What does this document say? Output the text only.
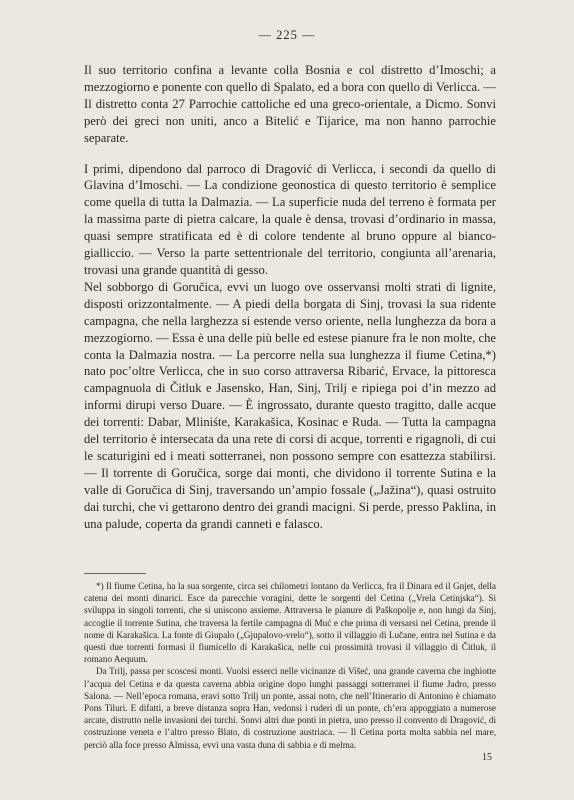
— 225 —

Il suo territorio confina a levante colla Bosnia e col distretto d’Imoschi; a mezzogiorno e ponente con quello di Spalato, ed a bora con quello di Verlicca. — Il distretto conta 27 Parrochie cattoliche ed una greco-orientale, a Dicmo. Sonvi però dei greci non uniti, anco a Bitelić e Tijarice, ma non hanno parrochie separate.

I primi, dipendono dal parroco di Dragović di Verlicca, i secondi da quello di Glavina d’Imoschi. — La condizione geonostica di questo territorio è semplice come quella di tutta la Dalmazia. — La superficie nuda del terreno è formata per la massima parte di pietra calcare, la quale è densa, trovasi d’ordinario in massa, quasi sempre stratificata ed è di colore tendente al bruno oppure al bianco-gialliccio. — Verso la parte settentrionale del territorio, congiunta all’arenaria, trovasi una grande quantità di gesso.

Nel sobborgo di Goručica, evvi un luogo ove osservansi molti strati di lignite, disposti orizzontalmente. — A piedi della borgata di Sinj, trovasi la sua ridente campagna, che nella larghezza si estende verso oriente, nella lunghezza da bora a mezzogiorno. — Essa è una delle più belle ed estese pianure fra le non molte, che conta la Dalmazia nostra. — La percorre nella sua lunghezza il fiume Cetina,*) nato poc’oltre Verlicca, che in suo corso attraversa Ribarić, Ervace, la pittoresca campagnuola di Čitluk e Jasensko, Han, Sinj, Trilj e ripiega poi d’in mezzo ad informi dirupi verso Duare. — È ingrossato, durante questo tragitto, dalle acque dei torrenti: Dabar, Mliniśte, Karakašica, Kosinac e Ruda. — Tutta la campagna del territorio è intersecata da una rete di corsi di acque, torrenti e rigagnoli, di cui le scaturigini ed i meati sotterranei, non possono sempre con esattezza stabilirsi. — Il torrente di Goručica, sorge dai monti, che dividono il torrente Sutina e la valle di Goručica di Sinj, traversando un’ampio fossale („Jažina“), quasi ostruito dai turchi, che vi gettarono dentro dei grandi macigni. Si perde, presso Paklina, in una palude, coperta da grandi canneti e falasco.

*) Il fiume Cetina, ha la sua sorgente, circa sei chilometri lontano da Verlicca, fra il Dinara ed il Gnjet, della catena dei monti dinarici. Esce da parecchie voragini, dette le sorgenti del Cetina („Vrela Cetinjska“). Si sviluppa in singoli torrenti, che si uniscono assieme. Attraversa le pianure di Paškopolje e, non lungi da Sinj, accoglie il torrente Sutina, che traversa la fertile campagna di Muć e che prima di versarsi nel Cetina, prende il nome di Karakašica. La fonte di Giupalo („Gjupalovo-vrelo“), sotto il villaggio di Lučane, entra nel Sutina e da questi due torrenti formasi il fiumicello di Karakašica, nelle cui prossimità trovasi il villaggio di Čitluk, il romano Aequum.

Da Trilj, passa per scoscesi monti. Vuolsi esserci nelle vicinanze di Višeć, una grande caverna che inghiotte l’acqua del Cetina e da questa caverna abbia origine dopo lunghi passaggi sotterranei il fiume Jadro, presso Salona. — Nell’epoca romana, eravi sotto Trilj un ponte, assai noto, che nell’Itinerario di Antonino è chiamato Pons Tiluri. E difatti, a breve distanza sopra Han, vedonsi i ruderi di un ponte, ch’era appoggiato a numerose arcate, distrutto nelle invasioni dei turchi. Sonvi altri due ponti in pietra, uno presso il convento di Dragović, di costruzione veneta e l’altro presso Blato, di costruzione austriaca. — Il Cetina porta molta sabbia nel mare, perciò alla foce presso Almissa, evvi una vasta duna di sabbia e di melma.

15
